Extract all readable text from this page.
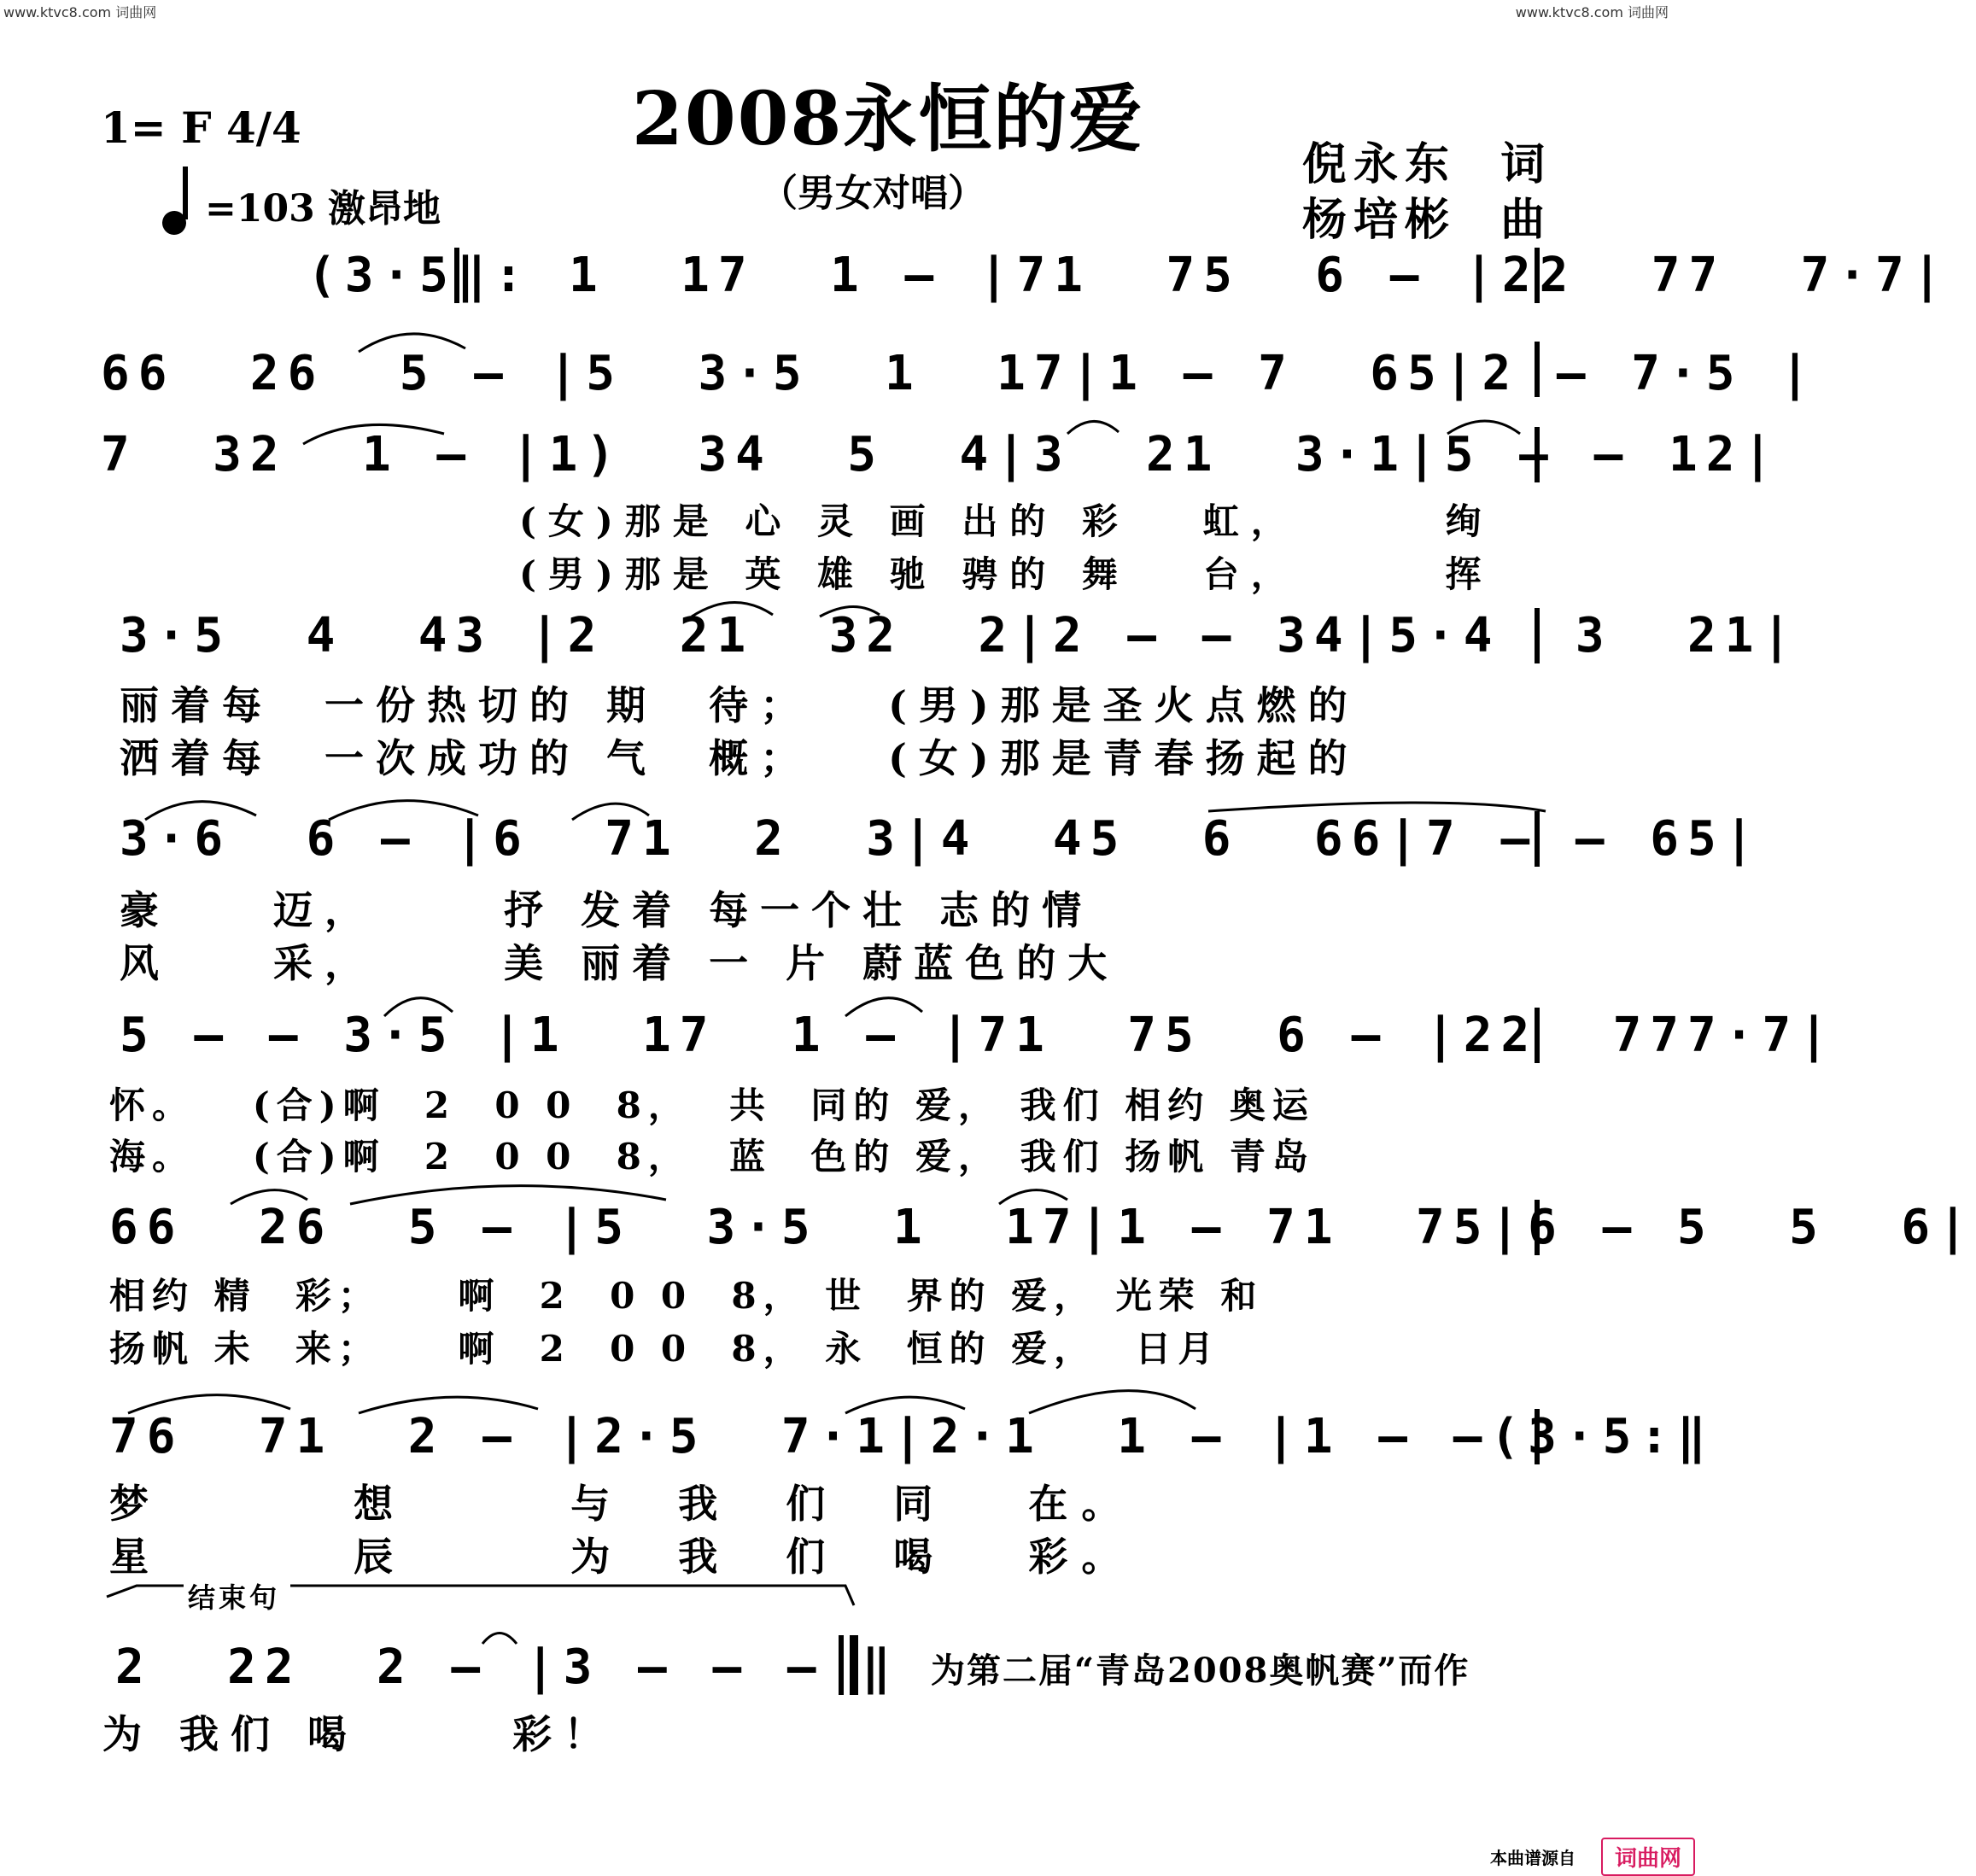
www.ktvc8.com 词曲网	www.ktvc8.com 词曲网
2008永恒的爱
（男女对唱）
1= F 4/4

=103 激昂地
倪永东  词
杨培彬  曲
(3·5‖: 1  17  1 — |71  75  6 — |22  77  7·7|
66  26  5 — |5  3·5  1  17|1 — 7  65|2 — 7·5 |
7  32  1 — |1)  34  5  4|3  21  3·1|5 — — 12|
(女)那是 心 灵 画 出的 彩   虹，      绚
(男)那是 英 雄 驰 骋的 舞   台，      挥
3·5  4  43 |2  21  32  2|2 — — 34|5·4  3  21|
丽着每  一份热切的 期  待；   (男)那是圣火点燃的
洒着每  一次成功的 气  概；   (女)那是青春扬起的
3·6  6 — |6  71  2  3|4  45  6  66|7 — — 65|
豪    迈，     抒 发着 每一个壮 志的情
风    采，     美 丽着 一 片 蔚蓝色的大
5 — — 3·5 |1  17  1 — |71  75  6 — |22  777·7|
怀。   (合)啊  2  0 0  8，  共  同的 爱， 我们 相约 奥运
海。   (合)啊  2  0 0  8，  蓝  色的 爱， 我们 扬帆 青岛
66  26  5 — |5  3·5  1  17|1 — 71  75|6 — 5  5  6|
相约 精  彩；    啊  2  0 0  8， 世  界的 爱， 光荣 和
扬帆 未  来；    啊  2  0 0  8， 永  恒的 爱，  日月
76  71  2 — |2·5  7·1|2·1  1 — |1 — —(3·5:‖
梦       想      与  我  们  同   在。
星       辰      为  我  们  喝   彩。
结束句
2  22  2 — |3 — — — ‖
为 我们 喝      彩！
为第二届“青岛2008奥帆赛”而作
本曲谱源自	词曲网
